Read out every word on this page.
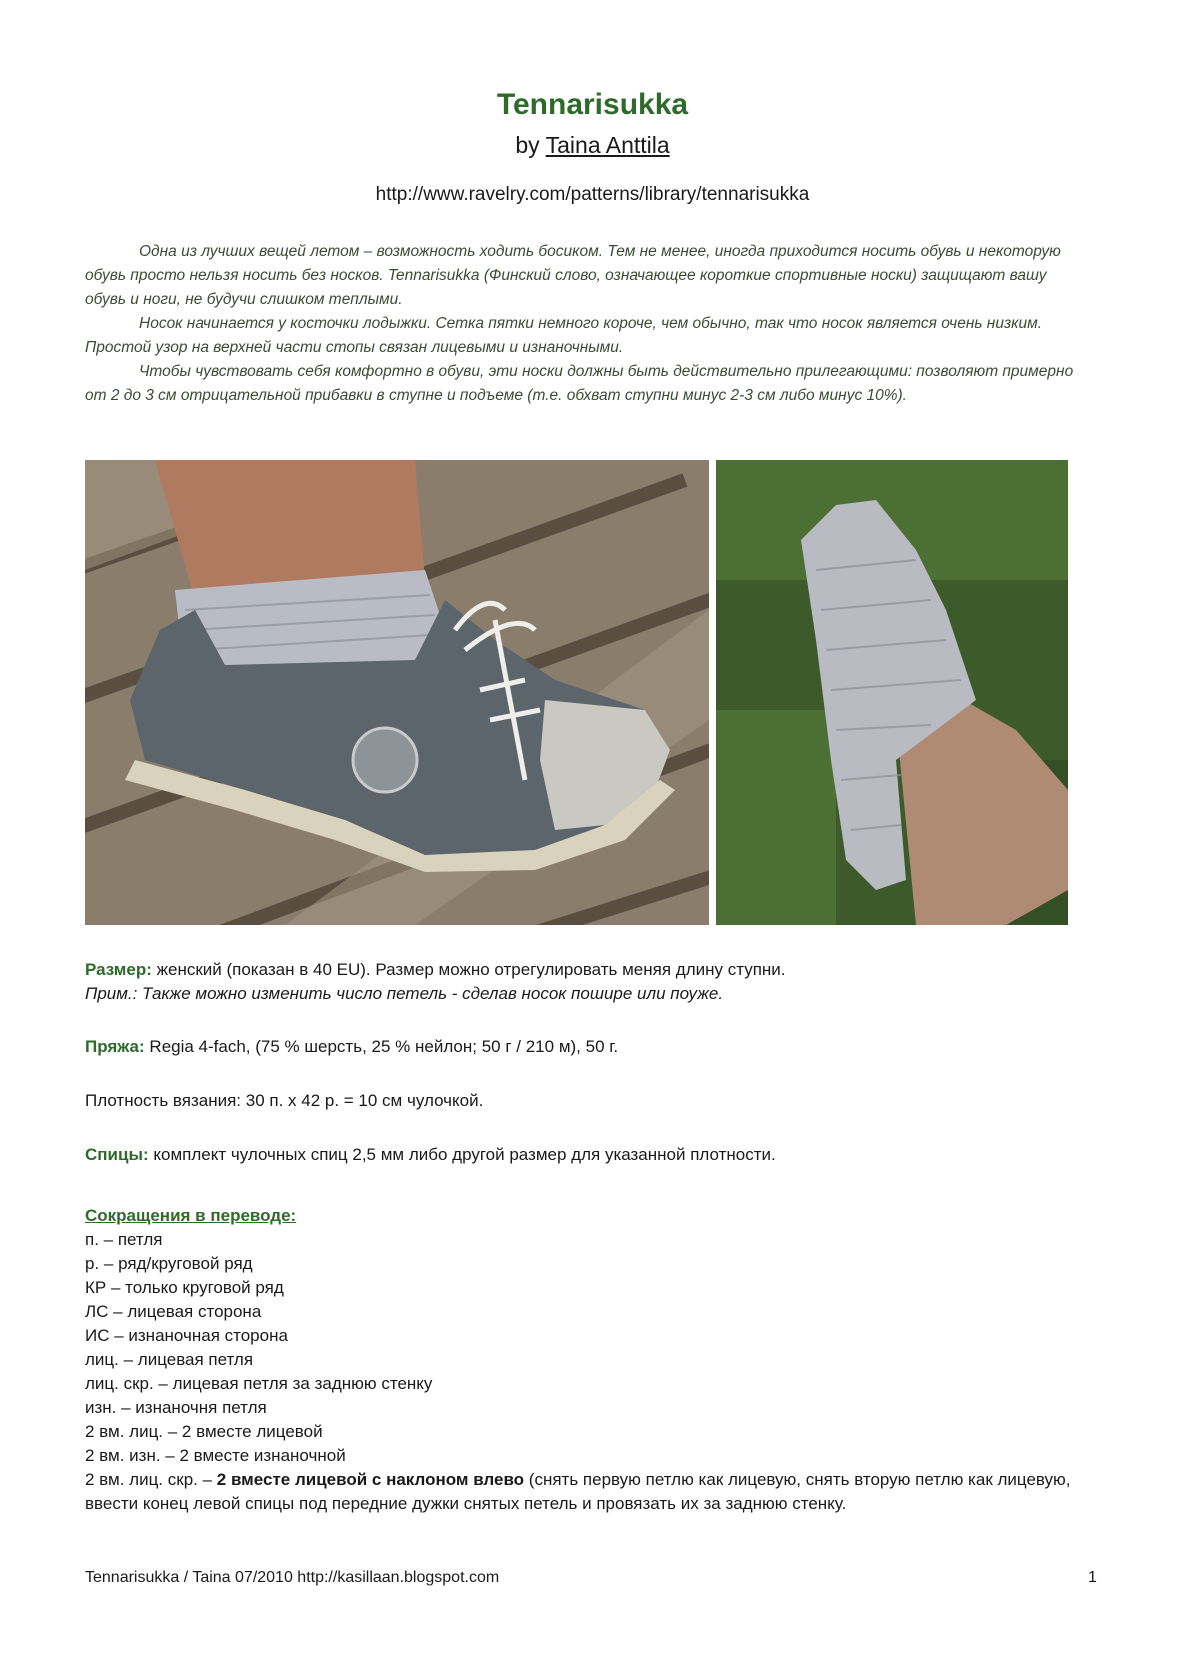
Tennarisukka
by Taina Anttila
http://www.ravelry.com/patterns/library/tennarisukka

Одна из лучших вещей летом – возможность ходить босиком. Тем не менее, иногда приходится носить обувь и некоторую обувь просто нельзя носить без носков. Tennarisukka (Финский слово, означающее короткие спортивные носки) защищают вашу обувь и ноги, не будучи слишком теплыми.

Носок начинается у косточки лодыжки. Сетка пятки немного короче, чем обычно, так что носок является очень низким. Простой узор на верхней части стопы связан лицевыми и изнаночными.

Чтобы чувствовать себя комфортно в обуви, эти носки должны быть действительно прилегающими: позволяют примерно от 2 до 3 см отрицательной прибавки в ступне и подъеме (т.е. обхват ступни минус 2-3 см либо минус 10%).

Размер: женский (показан в 40 EU). Размер можно отрегулировать меняя длину ступни.
Прим.: Также можно изменить число петель - сделав носок пошире или поуже.
Пряжа: Regia 4-fach, (75 % шерсть, 25 % нейлон; 50 г / 210 м), 50 г.
Плотность вязания: 30 п. х 42 р. = 10 см чулочкой.
Спицы: комплект чулочных спиц 2,5 мм либо другой размер для указанной плотности.
Сокращения в переводе:
п. – петля
р. – ряд/круговой ряд
КР – только круговой ряд
ЛС – лицевая сторона
ИС – изнаночная сторона
лиц. – лицевая петля
лиц. скр. – лицевая петля за заднюю стенку
изн. – изнаночня петля
2 вм. лиц. – 2 вместе лицевой
2 вм. изн. – 2 вместе изнаночной
2 вм. лиц. скр. – 2 вместе лицевой с наклоном влево (снять первую петлю как лицевую, снять вторую петлю как лицевую, ввести конец левой спицы под передние дужки снятых петель и провязать их за заднюю стенку.
Tennarisukka / Taina 07/2010 http://kasillaan.blogspot.com	1
